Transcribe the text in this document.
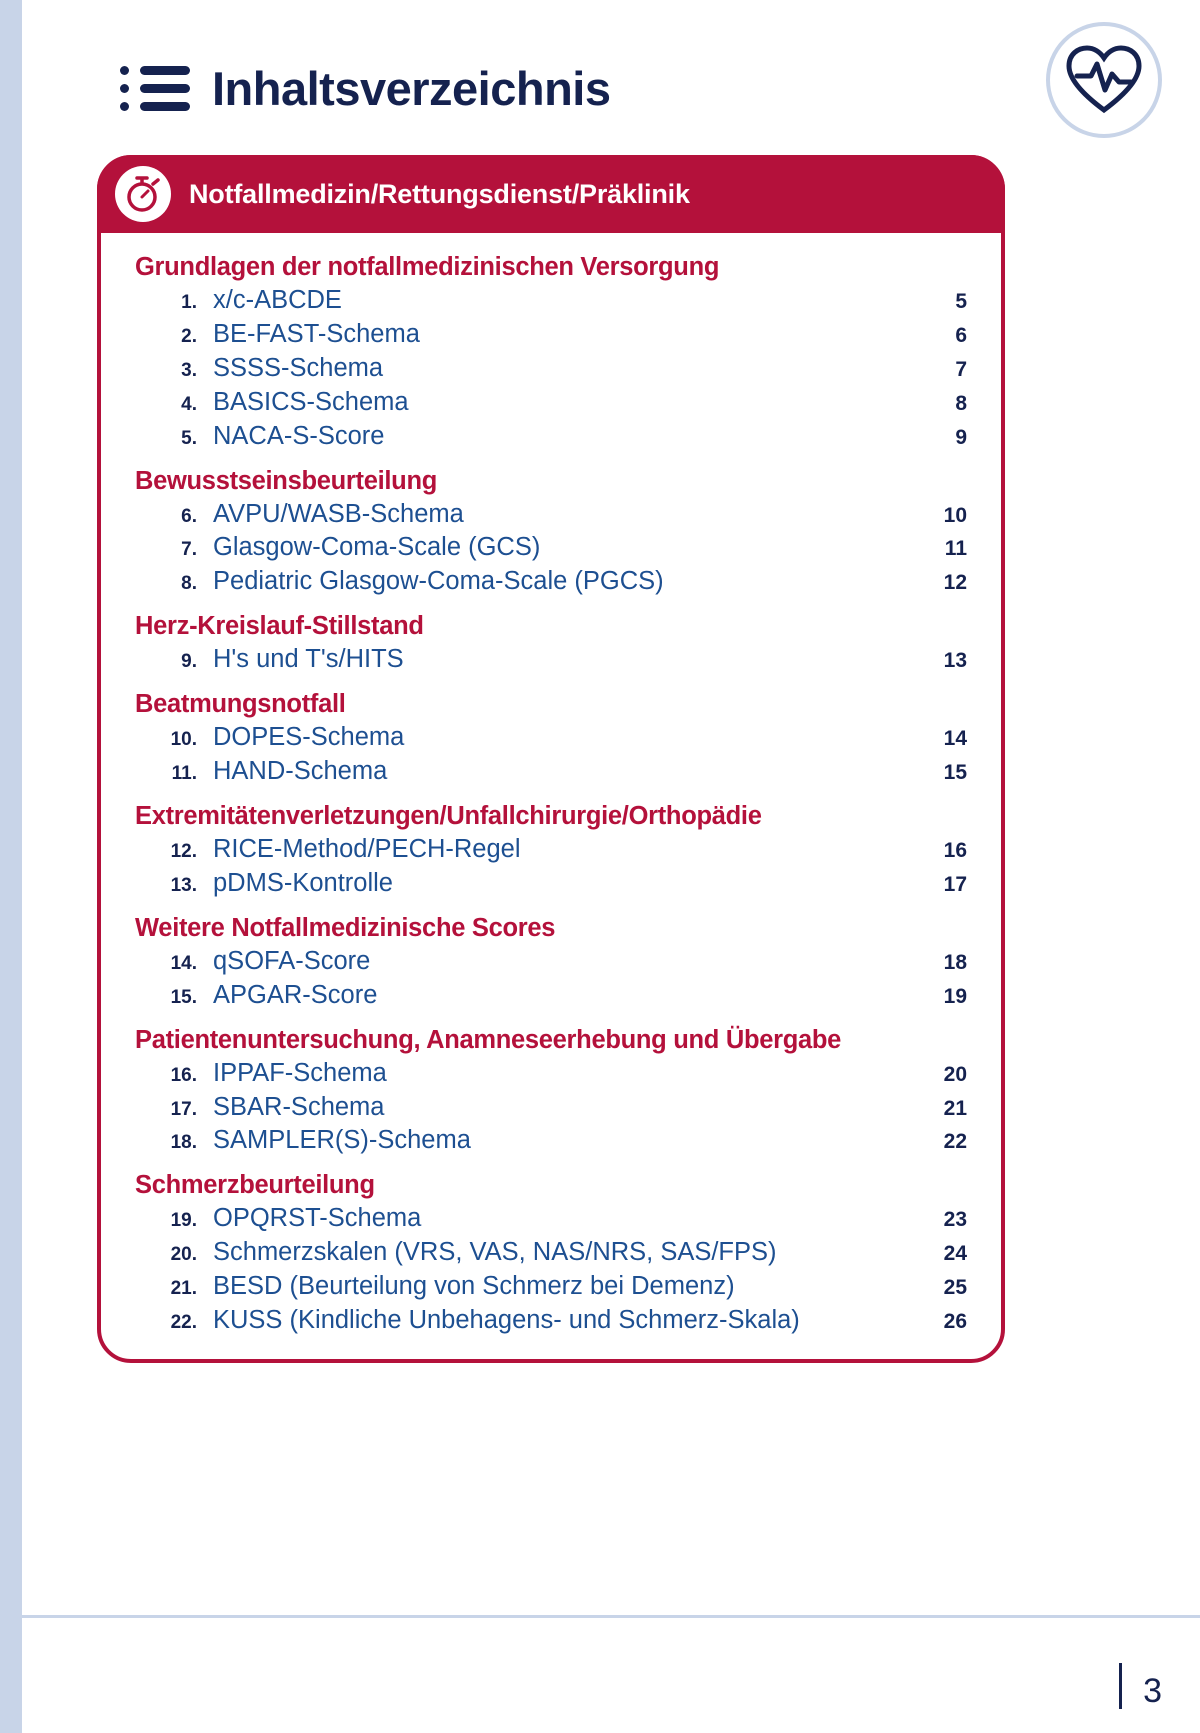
Inhaltsverzeichnis
Notfallmedizin/Rettungsdienst/Präklinik
Grundlagen der notfallmedizinischen Versorgung
1. x/c-ABCDE	5
2. BE-FAST-Schema	6
3. SSSS-Schema	7
4. BASICS-Schema	8
5. NACA-S-Score	9
Bewusstseinsbeurteilung
6. AVPU/WASB-Schema	10
7. Glasgow-Coma-Scale (GCS)	11
8. Pediatric Glasgow-Coma-Scale (PGCS)	12
Herz-Kreislauf-Stillstand
9. H's und T's/HITS	13
Beatmungsnotfall
10. DOPES-Schema	14
11. HAND-Schema	15
Extremitätenverletzungen/Unfallchirurgie/Orthopädie
12. RICE-Method/PECH-Regel	16
13. pDMS-Kontrolle	17
Weitere Notfallmedizinische Scores
14. qSOFA-Score	18
15. APGAR-Score	19
Patientenuntersuchung, Anamneseerhebung und Übergabe
16. IPPAF-Schema	20
17. SBAR-Schema	21
18. SAMPLER(S)-Schema	22
Schmerzbeurteilung
19. OPQRST-Schema	23
20. Schmerzskalen (VRS, VAS, NAS/NRS, SAS/FPS)	24
21. BESD (Beurteilung von Schmerz bei Demenz)	25
22. KUSS (Kindliche Unbehagens- und Schmerz-Skala)	26
3
